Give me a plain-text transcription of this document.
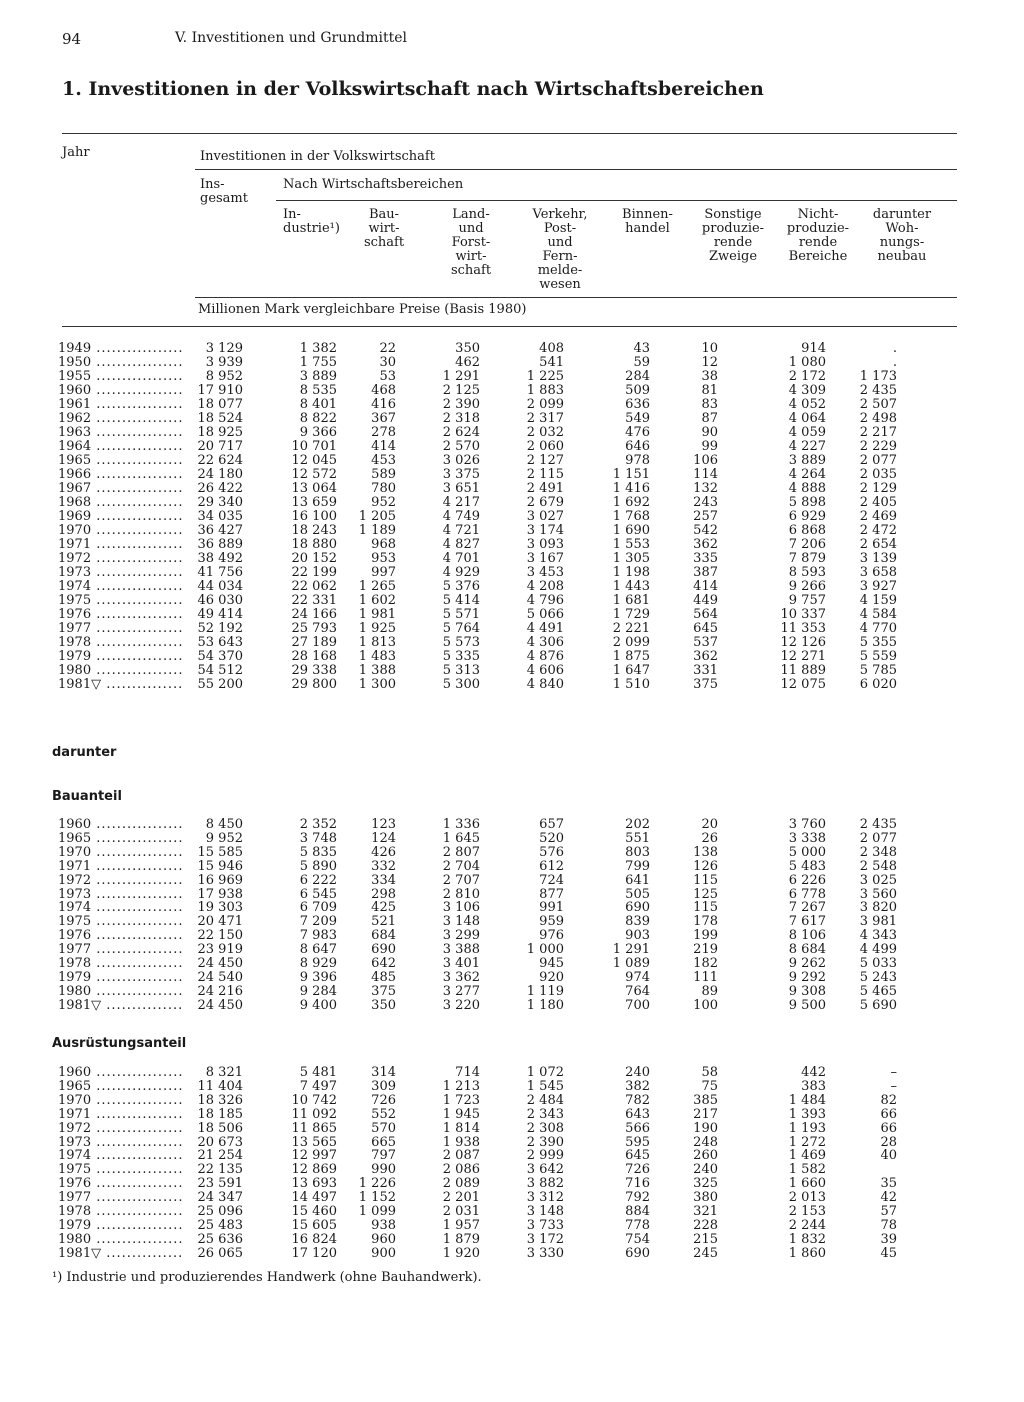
94	V. Investitionen und Grundmittel
1. Investitionen in der Volkswirtschaft nach Wirtschaftsbereichen
Jahr	Investitionen in der Volkswirtschaft
Ins-
gesamt
Nach Wirtschaftsbereichen
In-
dustrie¹)
Bau-
wirt-
schaft
Land-
und
Forst-
wirt-
schaft
Verkehr,
Post-
und
Fern-
melde-
wesen
Binnen-
handel
Sonstige
produzie-
rende
Zweige
Nicht-
produzie-
rende
Bereiche
darunter
Woh-
nungs-
neubau
Millionen Mark vergleichbare Preise (Basis 1980)
1949 .....	3 129	1 382	22	350	408	43	10	914	.
1950 .....	3 939	1 755	30	462	541	59	12	1 080	.
1955 .....	8 952	3 889	53	1 291	1 225	284	38	2 172	1 173
1960 .....	17 910	8 535	468	2 125	1 883	509	81	4 309	2 435
1961 .....	18 077	8 401	416	2 390	2 099	636	83	4 052	2 507
1962 .....	18 524	8 822	367	2 318	2 317	549	87	4 064	2 498
1963 .....	18 925	9 366	278	2 624	2 032	476	90	4 059	2 217
1964 .....	20 717	10 701	414	2 570	2 060	646	99	4 227	2 229
1965 .....	22 624	12 045	453	3 026	2 127	978	106	3 889	2 077
1966 .....	24 180	12 572	589	3 375	2 115	1 151	114	4 264	2 035
1967 .....	26 422	13 064	780	3 651	2 491	1 416	132	4 888	2 129
1968 .....	29 340	13 659	952	4 217	2 679	1 692	243	5 898	2 405
1969 .....	34 035	16 100	1 205	4 749	3 027	1 768	257	6 929	2 469
1970 .....	36 427	18 243	1 189	4 721	3 174	1 690	542	6 868	2 472
1971 .....	36 889	18 880	968	4 827	3 093	1 553	362	7 206	2 654
1972 .....	38 492	20 152	953	4 701	3 167	1 305	335	7 879	3 139
1973 .....	41 756	22 199	997	4 929	3 453	1 198	387	8 593	3 658
1974 .....	44 034	22 062	1 265	5 376	4 208	1 443	414	9 266	3 927
1975 .....	46 030	22 331	1 602	5 414	4 796	1 681	449	9 757	4 159
1976 .....	49 414	24 166	1 981	5 571	5 066	1 729	564	10 337	4 584
1977 .....	52 192	25 793	1 925	5 764	4 491	2 221	645	11 353	4 770
1978 .....	53 643	27 189	1 813	5 573	4 306	2 099	537	12 126	5 355
1979 .....	54 370	28 168	1 483	5 335	4 876	1 875	362	12 271	5 559
1980 .....	54 512	29 338	1 388	5 313	4 606	1 647	331	11 889	5 785
1981▽ .....	55 200	29 800	1 300	5 300	4 840	1 510	375	12 075	6 020
darunter
Bauanteil
1960 .....	8 450	2 352	123	1 336	657	202	20	3 760	2 435
1965 .....	9 952	3 748	124	1 645	520	551	26	3 338	2 077
1970 .....	15 585	5 835	426	2 807	576	803	138	5 000	2 348
1971 .....	15 946	5 890	332	2 704	612	799	126	5 483	2 548
1972 .....	16 969	6 222	334	2 707	724	641	115	6 226	3 025
1973 .....	17 938	6 545	298	2 810	877	505	125	6 778	3 560
1974 .....	19 303	6 709	425	3 106	991	690	115	7 267	3 820
1975 .....	20 471	7 209	521	3 148	959	839	178	7 617	3 981
1976 .....	22 150	7 983	684	3 299	976	903	199	8 106	4 343
1977 .....	23 919	8 647	690	3 388	1 000	1 291	219	8 684	4 499
1978 .....	24 450	8 929	642	3 401	945	1 089	182	9 262	5 033
1979 .....	24 540	9 396	485	3 362	920	974	111	9 292	5 243
1980 .....	24 216	9 284	375	3 277	1 119	764	89	9 308	5 465
1981▽ .....	24 450	9 400	350	3 220	1 180	700	100	9 500	5 690
Ausrüstungsanteil
1960 .....	8 321	5 481	314	714	1 072	240	58	442	–
1965 .....	11 404	7 497	309	1 213	1 545	382	75	383	–
1970 .....	18 326	10 742	726	1 723	2 484	782	385	1 484	82
1971 .....	18 185	11 092	552	1 945	2 343	643	217	1 393	66
1972 .....	18 506	11 865	570	1 814	2 308	566	190	1 193	66
1973 .....	20 673	13 565	665	1 938	2 390	595	248	1 272	28
1974 .....	21 254	12 997	797	2 087	2 999	645	260	1 469	40
1975 .....	22 135	12 869	990	2 086	3 642	726	240	1 582
1976 .....	23 591	13 693	1 226	2 089	3 882	716	325	1 660	35
1977 .....	24 347	14 497	1 152	2 201	3 312	792	380	2 013	42
1978 .....	25 096	15 460	1 099	2 031	3 148	884	321	2 153	57
1979 .....	25 483	15 605	938	1 957	3 733	778	228	2 244	78
1980 .....	25 636	16 824	960	1 879	3 172	754	215	1 832	39
1981▽ .....	26 065	17 120	900	1 920	3 330	690	245	1 860	45
¹) Industrie und produzierendes Handwerk (ohne Bauhandwerk).
